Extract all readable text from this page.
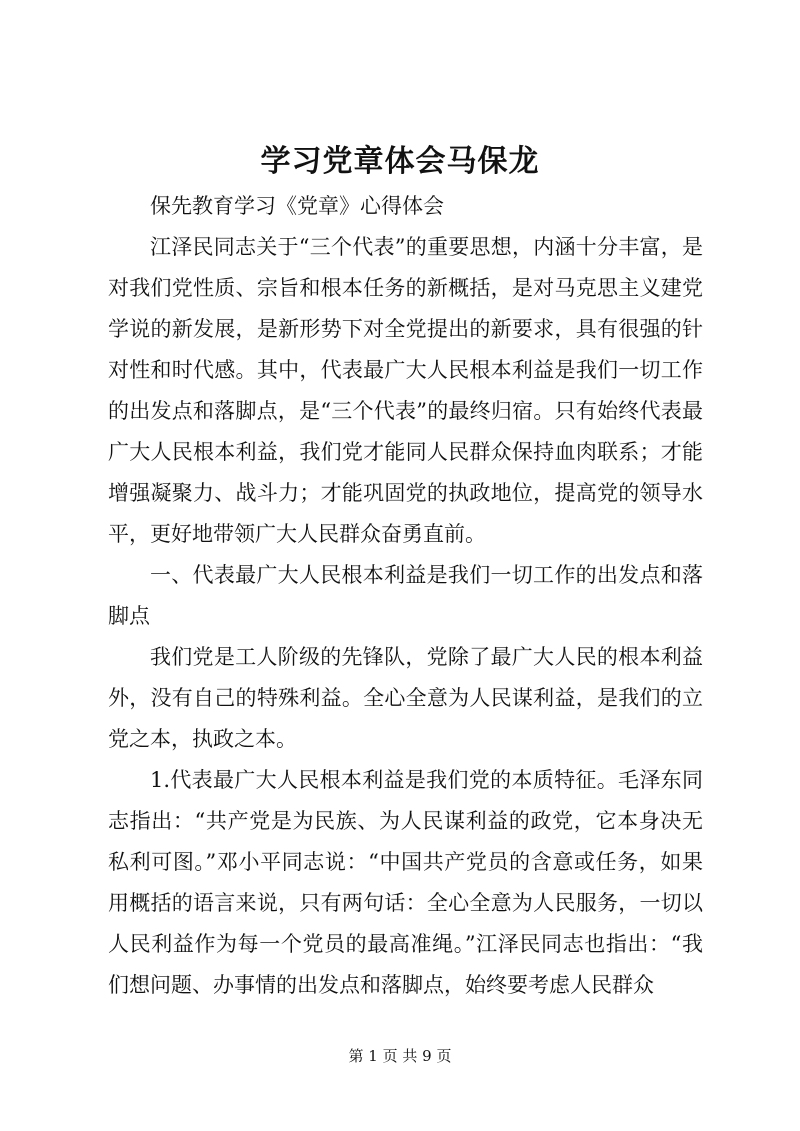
学习党章体会马保龙

保先教育学习《党章》心得体会

江泽民同志关于“三个代表”的重要思想，内涵十分丰富，是对我们党性质、宗旨和根本任务的新概括，是对马克思主义建党学说的新发展，是新形势下对全党提出的新要求，具有很强的针对性和时代感。其中，代表最广大人民根本利益是我们一切工作的出发点和落脚点，是“三个代表”的最终归宿。只有始终代表最广大人民根本利益，我们党才能同人民群众保持血肉联系；才能增强凝聚力、战斗力；才能巩固党的执政地位，提高党的领导水平，更好地带领广大人民群众奋勇直前。

一、代表最广大人民根本利益是我们一切工作的出发点和落脚点

我们党是工人阶级的先锋队，党除了最广大人民的根本利益外，没有自己的特殊利益。全心全意为人民谋利益，是我们的立党之本，执政之本。

1.代表最广大人民根本利益是我们党的本质特征。毛泽东同志指出：“共产党是为民族、为人民谋利益的政党，它本身决无私利可图。”邓小平同志说：“中国共产党员的含意或任务，如果用概括的语言来说，只有两句话：全心全意为人民服务，一切以人民利益作为每一个党员的最高准绳。”江泽民同志也指出：“我们想问题、办事情的出发点和落脚点，始终要考虑人民群众

第 1 页 共 9 页
